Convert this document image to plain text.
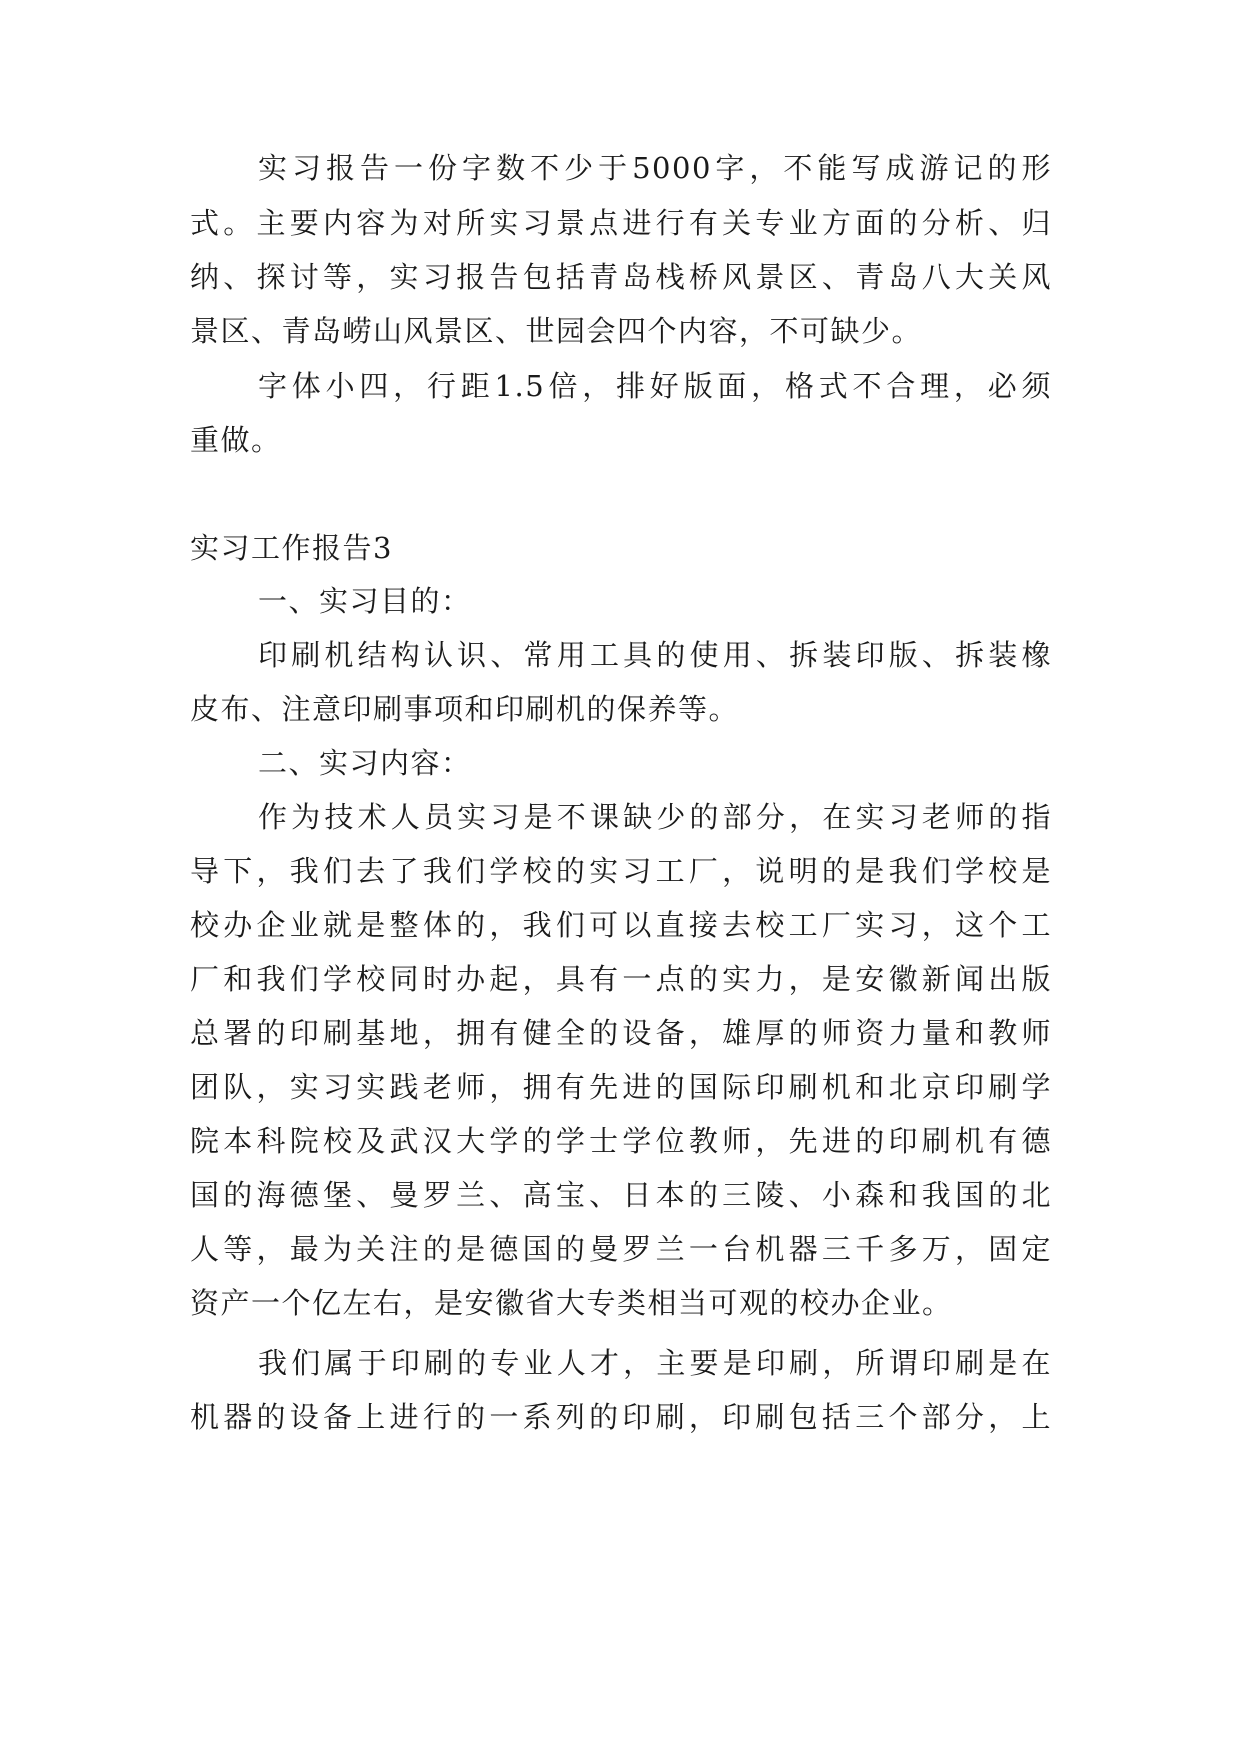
实习报告一份字数不少于5000字，不能写成游记的形
式。主要内容为对所实习景点进行有关专业方面的分析、归
纳、探讨等，实习报告包括青岛栈桥风景区、青岛八大关风
景区、青岛崂山风景区、世园会四个内容，不可缺少。
字体小四，行距1.5倍，排好版面，格式不合理，必须
重做。
实习工作报告3
一、实习目的：
印刷机结构认识、常用工具的使用、拆装印版、拆装橡
皮布、注意印刷事项和印刷机的保养等。
二、实习内容：
作为技术人员实习是不课缺少的部分，在实习老师的指
导下，我们去了我们学校的实习工厂，说明的是我们学校是
校办企业就是整体的，我们可以直接去校工厂实习，这个工
厂和我们学校同时办起，具有一点的实力，是安徽新闻出版
总署的印刷基地，拥有健全的设备，雄厚的师资力量和教师
团队，实习实践老师，拥有先进的国际印刷机和北京印刷学
院本科院校及武汉大学的学士学位教师，先进的印刷机有德
国的海德堡、曼罗兰、高宝、日本的三陵、小森和我国的北
人等，最为关注的是德国的曼罗兰一台机器三千多万，固定
资产一个亿左右，是安徽省大专类相当可观的校办企业。
我们属于印刷的专业人才，主要是印刷，所谓印刷是在
机器的设备上进行的一系列的印刷，印刷包括三个部分，上
